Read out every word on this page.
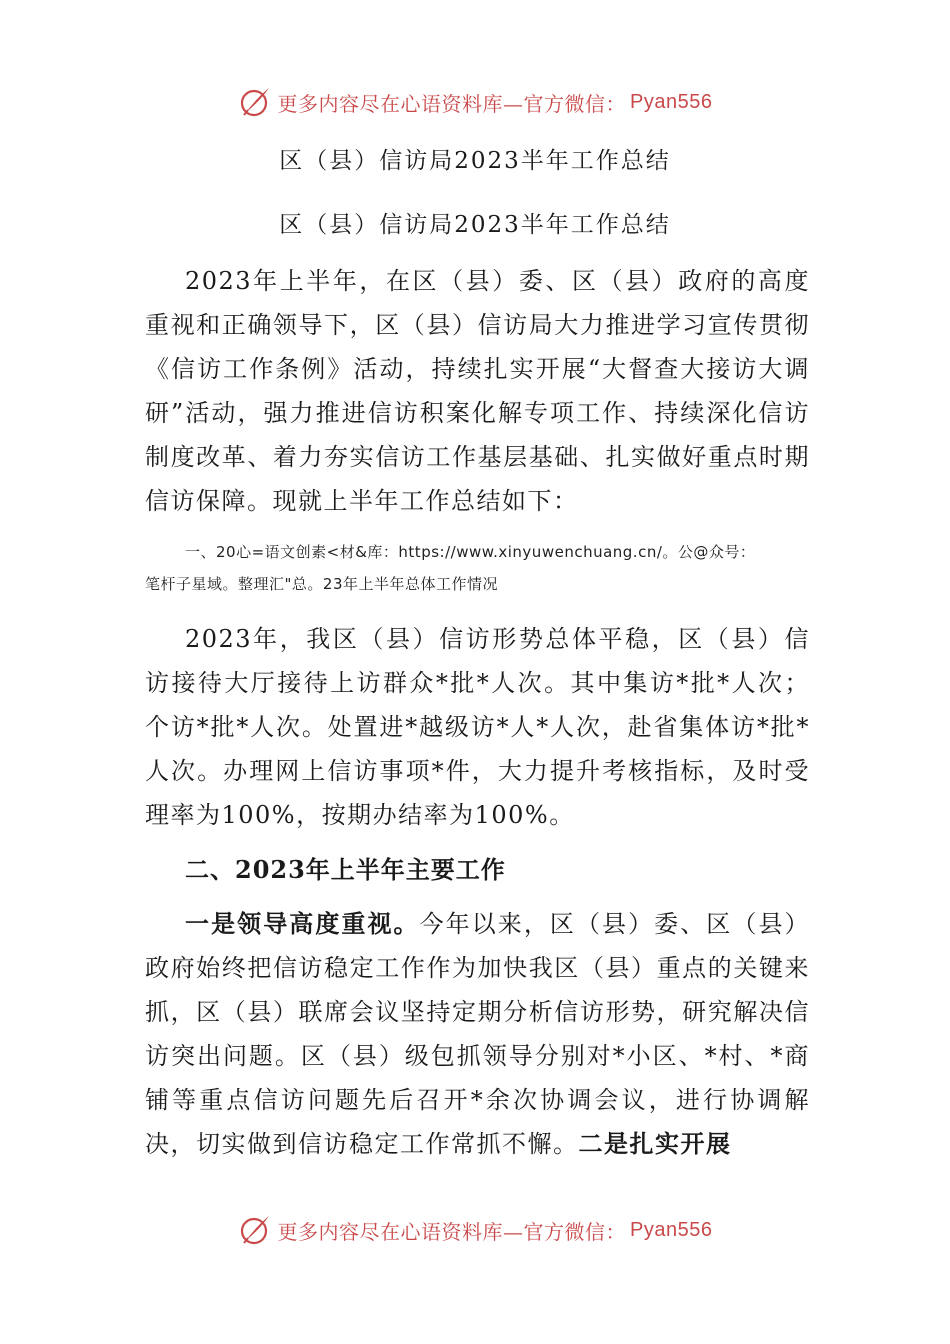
更多内容尽在心语资料库—官方微信： Pyan556
区（县）信访局2023半年工作总结
区（县）信访局2023半年工作总结

2023年上半年，在区（县）委、区（县）政府的高度重视和正确领导下，区（县）信访局大力推进学习宣传贯彻《信访工作条例》活动，持续扎实开展“大督查大接访大调研”活动，强力推进信访积案化解专项工作、持续深化信访制度改革、着力夯实信访工作基层基础、扎实做好重点时期信访保障。现就上半年工作总结如下：

一、20心=语文创素<材&库：https://www.xinyuwenchuang.cn/。公@众号：
笔杆子星域。整理汇"总。23年上半年总体工作情况

2023年，我区（县）信访形势总体平稳，区（县）信访接待大厅接待上访群众*批*人次。其中集访*批*人次；个访*批*人次。处置进*越级访*人*人次，赴省集体访*批*人次。办理网上信访事项*件，大力提升考核指标，及时受理率为100%，按期办结率为100%。

二、2023年上半年主要工作

一是领导高度重视。今年以来，区（县）委、区（县）政府始终把信访稳定工作作为加快我区（县）重点的关键来抓，区（县）联席会议坚持定期分析信访形势，研究解决信访突出问题。区（县）级包抓领导分别对*小区、*村、*商铺等重点信访问题先后召开*余次协调会议，进行协调解决，切实做到信访稳定工作常抓不懈。二是扎实开展

更多内容尽在心语资料库—官方微信： Pyan556
